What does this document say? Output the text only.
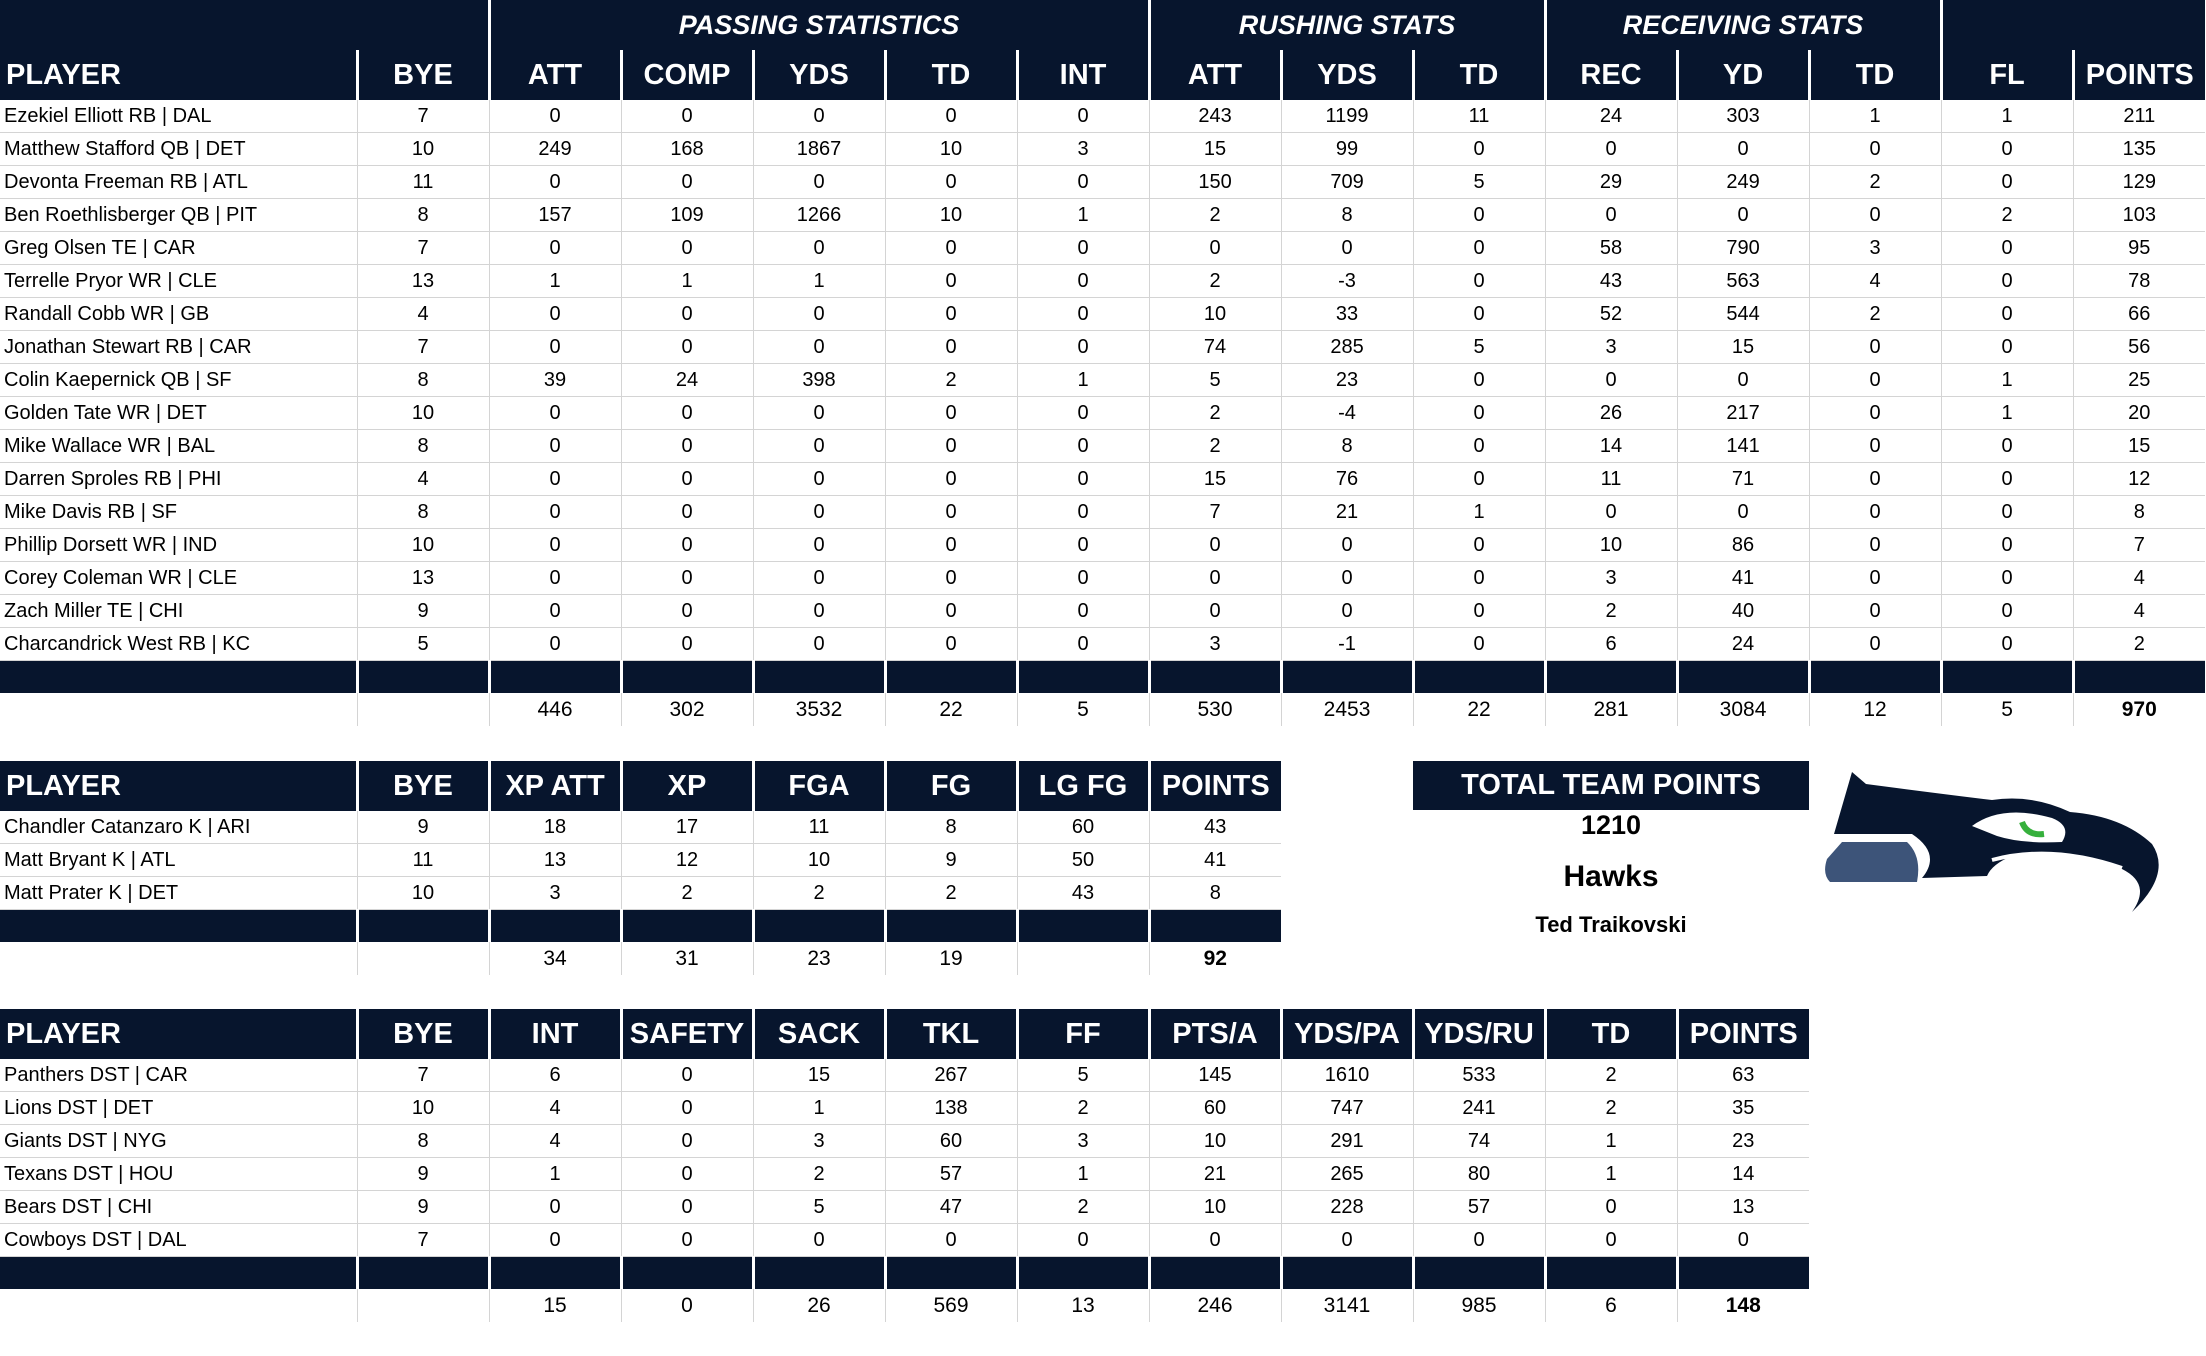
		PASSING STATISTICS					RUSHING STATS			RECEIVING STATS				
PLAYER	BYE	ATT	COMP	YDS	TD	INT	ATT	YDS	TD	REC	YD	TD	FL	POINTS
Ezekiel Elliott RB | DAL	7	0	0	0	0	0	243	1199	11	24	303	1	1	211
Matthew Stafford QB | DET	10	249	168	1867	10	3	15	99	0	0	0	0	0	135
Devonta Freeman RB | ATL	11	0	0	0	0	0	150	709	5	29	249	2	0	129
Ben Roethlisberger QB | PIT	8	157	109	1266	10	1	2	8	0	0	0	0	2	103
Greg Olsen TE | CAR	7	0	0	0	0	0	0	0	0	58	790	3	0	95
Terrelle Pryor WR | CLE	13	1	1	1	0	0	2	-3	0	43	563	4	0	78
Randall Cobb WR | GB	4	0	0	0	0	0	10	33	0	52	544	2	0	66
Jonathan Stewart RB | CAR	7	0	0	0	0	0	74	285	5	3	15	0	0	56
Colin Kaepernick QB | SF	8	39	24	398	2	1	5	23	0	0	0	0	1	25
Golden Tate WR | DET	10	0	0	0	0	0	2	-4	0	26	217	0	1	20
Mike Wallace WR | BAL	8	0	0	0	0	0	2	8	0	14	141	0	0	15
Darren Sproles RB | PHI	4	0	0	0	0	0	15	76	0	11	71	0	0	12
Mike Davis RB | SF	8	0	0	0	0	0	7	21	1	0	0	0	0	8
Phillip Dorsett WR | IND	10	0	0	0	0	0	0	0	0	10	86	0	0	7
Corey Coleman WR | CLE	13	0	0	0	0	0	0	0	0	3	41	0	0	4
Zach Miller TE | CHI	9	0	0	0	0	0	0	0	0	2	40	0	0	4
Charcandrick West RB | KC	5	0	0	0	0	0	3	-1	0	6	24	0	0	2

		446	302	3532	22	5	530	2453	22	281	3084	12	5	970
PLAYER	BYE	XP ATT	XP	FGA	FG	LG FG	POINTS
Chandler Catanzaro K | ARI	9	18	17	11	8	60	43
Matt Bryant K | ATL	11	13	12	10	9	50	41
Matt Prater K | DET	10	3	2	2	2	43	8

		34	31	23	19		92
PLAYER	BYE	INT	SAFETY	SACK	TKL	FF	PTS/A	YDS/PA	YDS/RU	TD	POINTS
Panthers DST | CAR	7	6	0	15	267	5	145	1610	533	2	63
Lions DST | DET	10	4	0	1	138	2	60	747	241	2	35
Giants DST | NYG	8	4	0	3	60	3	10	291	74	1	23
Texans DST | HOU	9	1	0	2	57	1	21	265	80	1	14
Bears DST | CHI	9	0	0	5	47	2	10	228	57	0	13
Cowboys DST | DAL	7	0	0	0	0	0	0	0	0	0	0

		15	0	26	569	13	246	3141	985	6	148
TOTAL TEAM POINTS
1210
Hawks
Ted Traikovski
